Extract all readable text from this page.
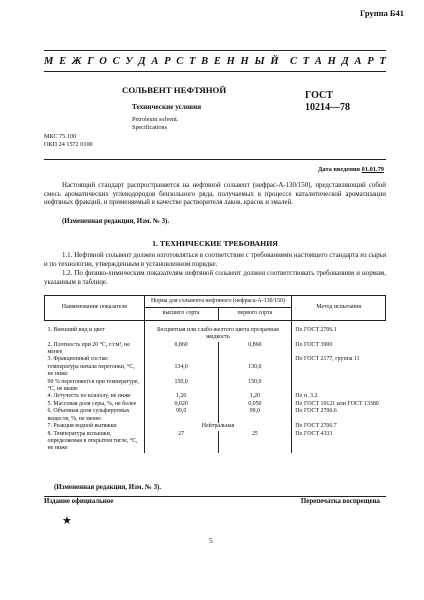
Группа Б41
М Е Ж Г О С У Д А Р С Т В Е Н Н Ы Й С Т А Н Д А Р Т
СОЛЬВЕНТ НЕФТЯНОЙ
Технические условия
Petroleum solvent.
Specifications
ГОСТ
10214—78
МКС 75.100
ОКП 24 1572 0100
Дата введения 01.01.79
Настоящий стандарт распространяется на нефтяной сольвент (нефрас-А-130/150), представляющий собой смесь ароматических углеводородов бензольного ряда, получаемых в процессе каталитической ароматизации нефтяных фракций, и применяемый в качестве растворителя лаков, красок и эмалей.
(Измененная редакция, Изм. № 3).
1. ТЕХНИЧЕСКИЕ ТРЕБОВАНИЯ
1.1. Нефтяной сольвент должен изготовляться в соответствии с требованиями настоящего стандарта из сырья и по технологии, утвержденным в установленном порядке.
1.2. По физико-химическим показателям нефтяной сольвент должен соответствовать требованиям и нормам, указанным в таблице.
Наименование показателя	Норма для сольвента нефтяного (нефраса-А-130/150)		Метод испытания
	высшего сорта	первого сорта	
1. Внешний вид и цвет	Бесцветная или слабо-желтого цвета прозрачная жидкость		По ГОСТ 2706.1
2. Плотность при 20 °С, г/см³, не менее	0,860	0,860	По ГОСТ 3900
3. Фракционный состав:			По ГОСТ 2177, группа 11
температура начала перегонки, °С, не ниже	134,0	130,0	
90 % перегоняется при температуре, °С, не выше	150,0	150,0	
4. Летучесть по ксилолу, не ниже	1,20	1,20	По п. 3.2
5. Массовая доля серы, %, не более	0,020	0,050	По ГОСТ 19121 или ГОСТ 13380
6. Объемная доля сульфируемых веществ, %, не менее	99,0	99,0	По ГОСТ 2706.6
7. Реакция водной вытяжки	Нейтральная		По ГОСТ 2706.7
8. Температура вспышки, определяемая в открытом тигле, °С, не ниже	27	25	По ГОСТ 4333
(Измененная редакция, Изм. № 3).
Издание официальное	Перепечатка воспрещена
★
5
